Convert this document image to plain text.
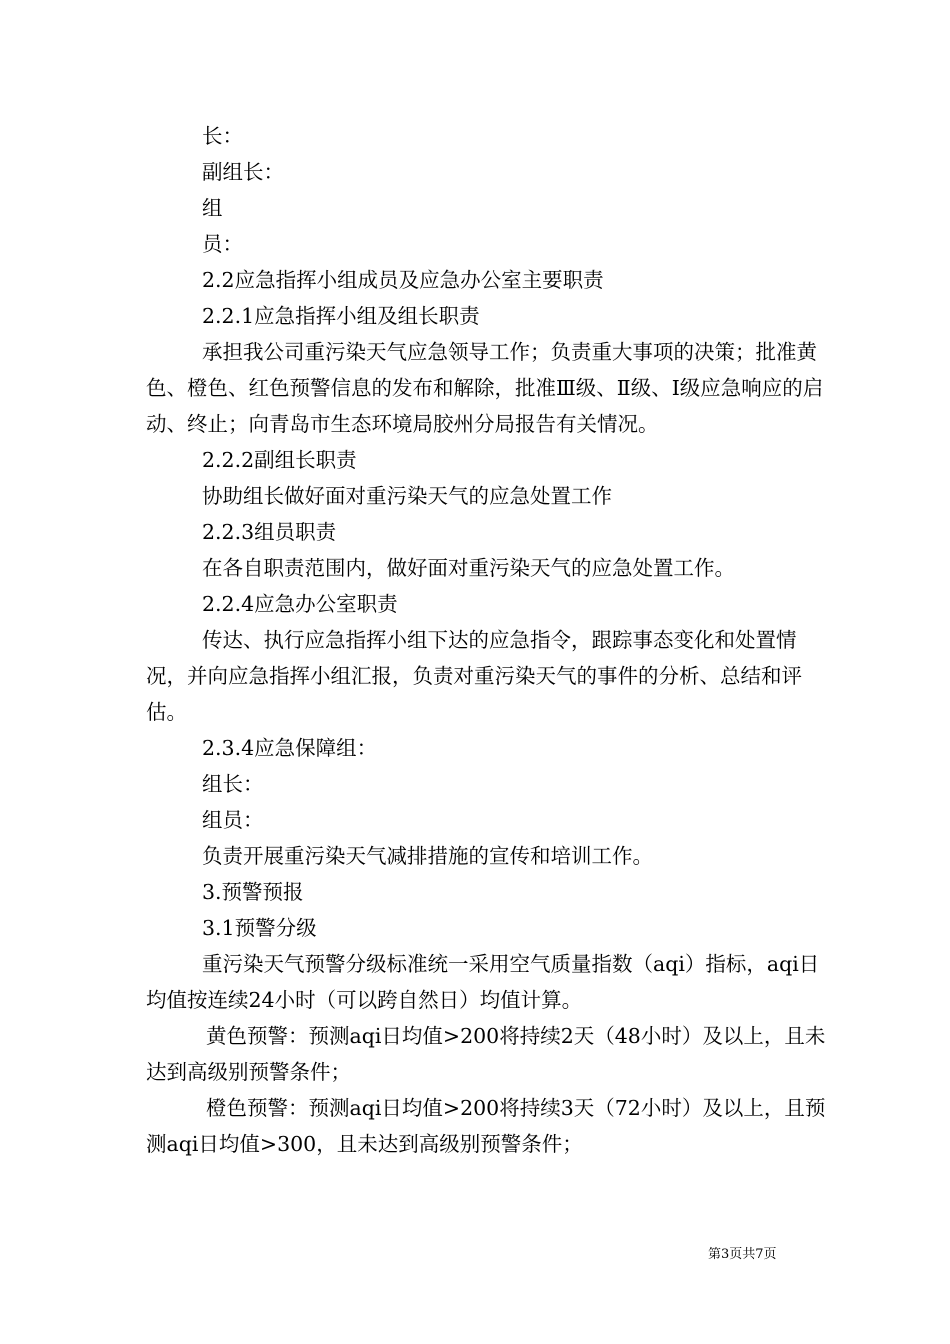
长：

副组长：

组

员：

2.2应急指挥小组成员及应急办公室主要职责

2.2.1应急指挥小组及组长职责

承担我公司重污染天气应急领导工作；负责重大事项的决策；批准黄色、橙色、红色预警信息的发布和解除，批准Ⅲ级、Ⅱ级、Ⅰ级应急响应的启动、终止；向青岛市生态环境局胶州分局报告有关情况。

2.2.2副组长职责

协助组长做好面对重污染天气的应急处置工作

2.2.3组员职责

在各自职责范围内，做好面对重污染天气的应急处置工作。

2.2.4应急办公室职责

传达、执行应急指挥小组下达的应急指令，跟踪事态变化和处置情况，并向应急指挥小组汇报，负责对重污染天气的事件的分析、总结和评估。

2.3.4应急保障组：

组长：

组员：

负责开展重污染天气减排措施的宣传和培训工作。

3.预警预报

3.1预警分级

重污染天气预警分级标准统一采用空气质量指数（aqi）指标，aqi日均值按连续24小时（可以跨自然日）均值计算。

黄色预警：预测aqi日均值>200将持续2天（48小时）及以上，且未达到高级别预警条件；

橙色预警：预测aqi日均值>200将持续3天（72小时）及以上，且预测aqi日均值>300，且未达到高级别预警条件；

第3页共7页
